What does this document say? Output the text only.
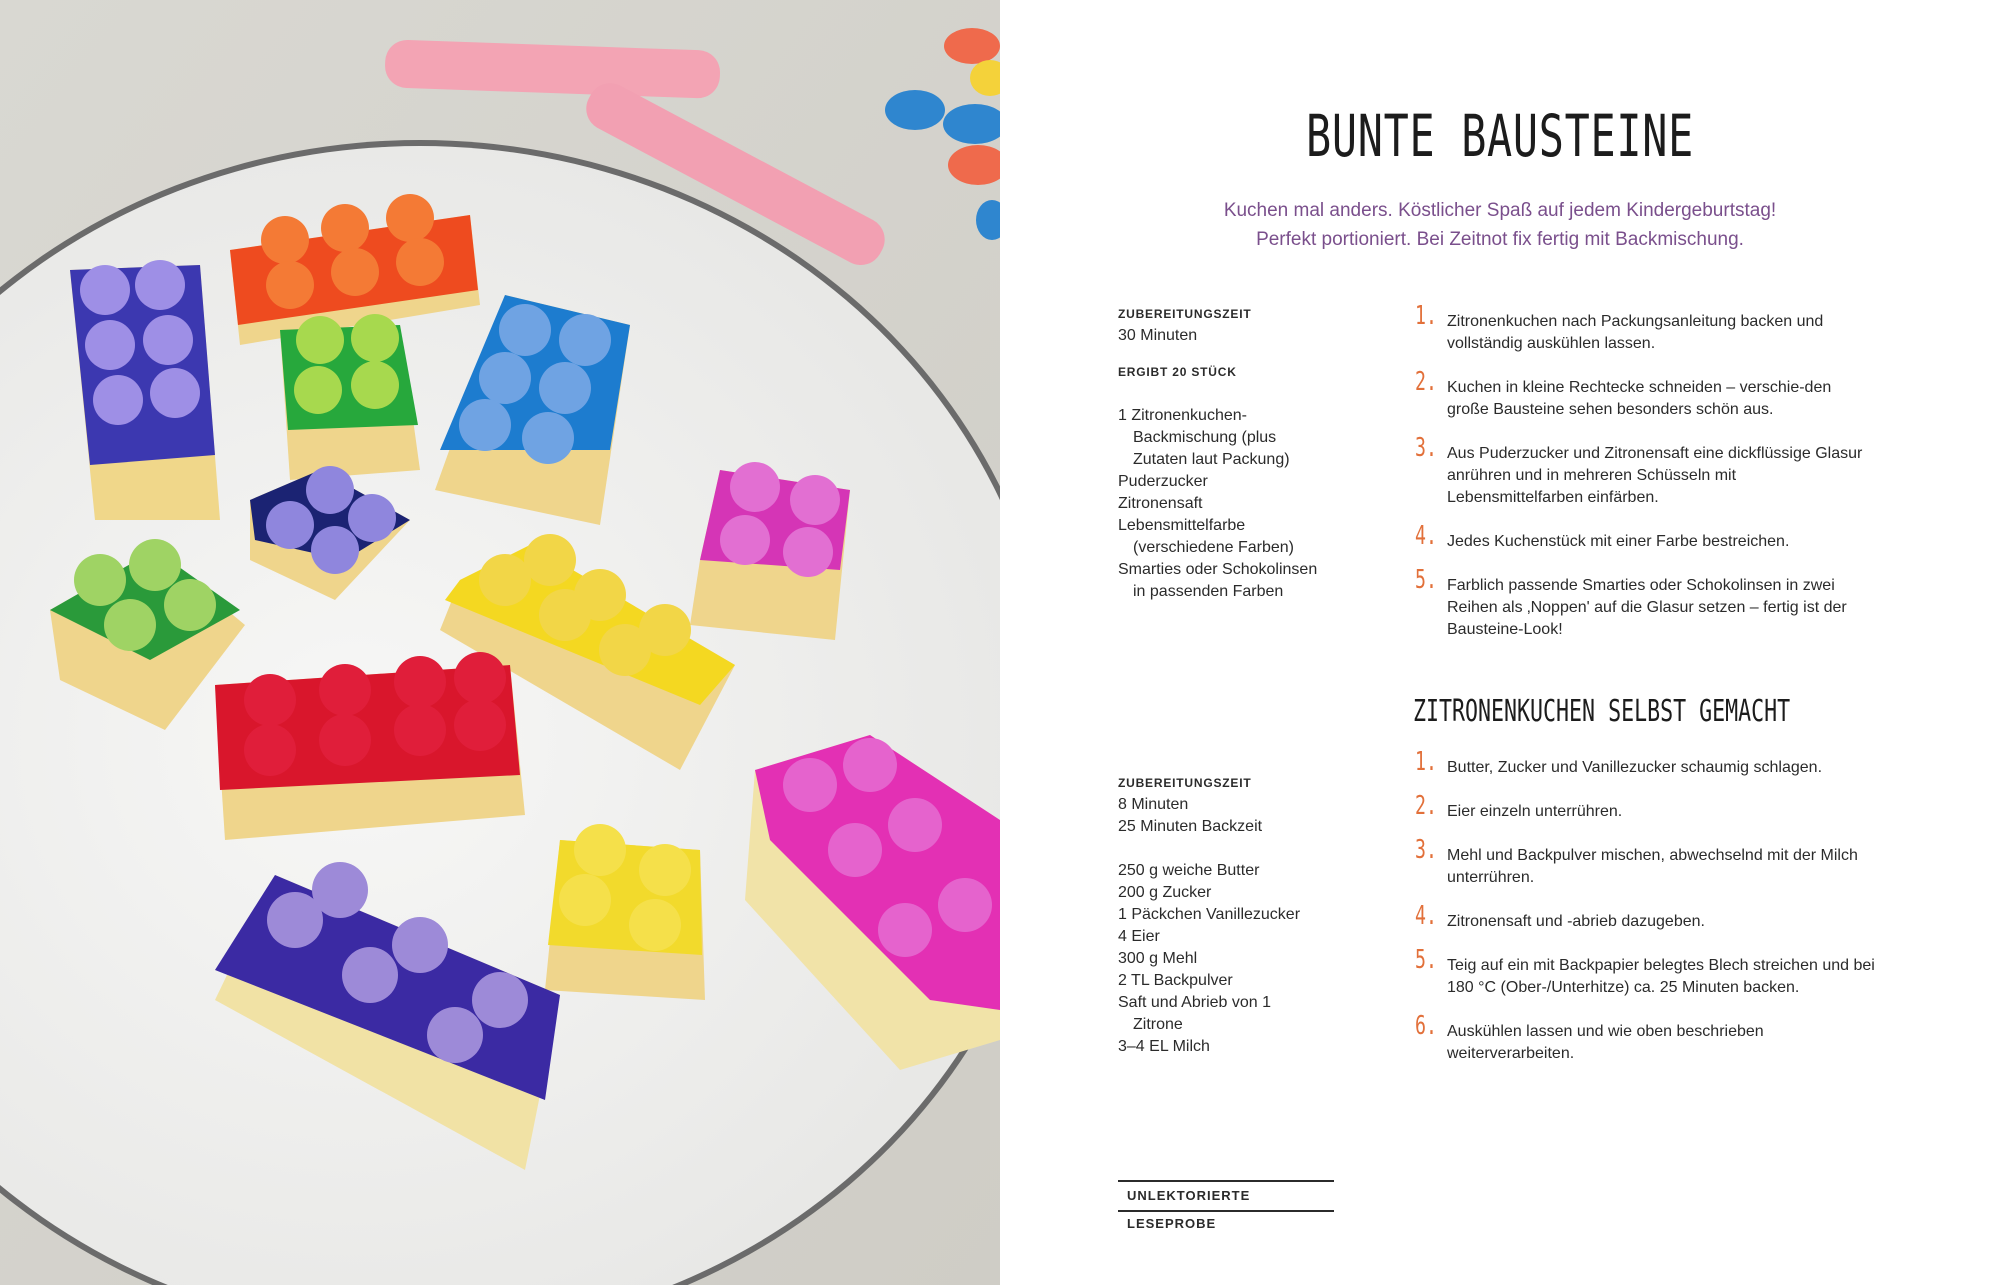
BUNTE BAUSTEINE
Kuchen mal anders. Köstlicher Spaß auf jedem Kindergeburtstag!
Perfekt portioniert. Bei Zeitnot fix fertig mit Backmischung.
ZUBEREITUNGSZEIT
30 Minuten
ERGIBT 20 STÜCK
1 Zitronenkuchen-
Backmischung (plus
Zutaten laut Packung)
Puderzucker
Zitronensaft
Lebensmittelfarbe
(verschiedene Farben)
Smarties oder Schokolinsen
in passenden Farben
1. Zitronenkuchen nach Packungsanleitung backen und vollständig auskühlen lassen.
2. Kuchen in kleine Rechtecke schneiden – verschie-den große Bausteine sehen besonders schön aus.
3. Aus Puderzucker und Zitronensaft eine dickflüssige Glasur anrühren und in mehreren Schüsseln mit Lebensmittelfarben einfärben.
4. Jedes Kuchenstück mit einer Farbe bestreichen.
5. Farblich passende Smarties oder Schokolinsen in zwei Reihen als ‚Noppen' auf die Glasur setzen – fertig ist der Bausteine-Look!
ZITRONENKUCHEN SELBST GEMACHT
ZUBEREITUNGSZEIT
8 Minuten
25 Minuten Backzeit
250 g weiche Butter
200 g Zucker
1 Päckchen Vanillezucker
4 Eier
300 g Mehl
2 TL Backpulver
Saft und Abrieb von 1
Zitrone
3–4 EL Milch
1. Butter, Zucker und Vanillezucker schaumig schlagen.
2. Eier einzeln unterrühren.
3. Mehl und Backpulver mischen, abwechselnd mit der Milch unterrühren.
4. Zitronensaft und -abrieb dazugeben.
5. Teig auf ein mit Backpapier belegtes Blech streichen und bei 180 °C (Ober-/Unterhitze) ca. 25 Minuten backen.
6. Auskühlen lassen und wie oben beschrieben weiterverarbeiten.
UNLEKTORIERTE LESEPROBE
